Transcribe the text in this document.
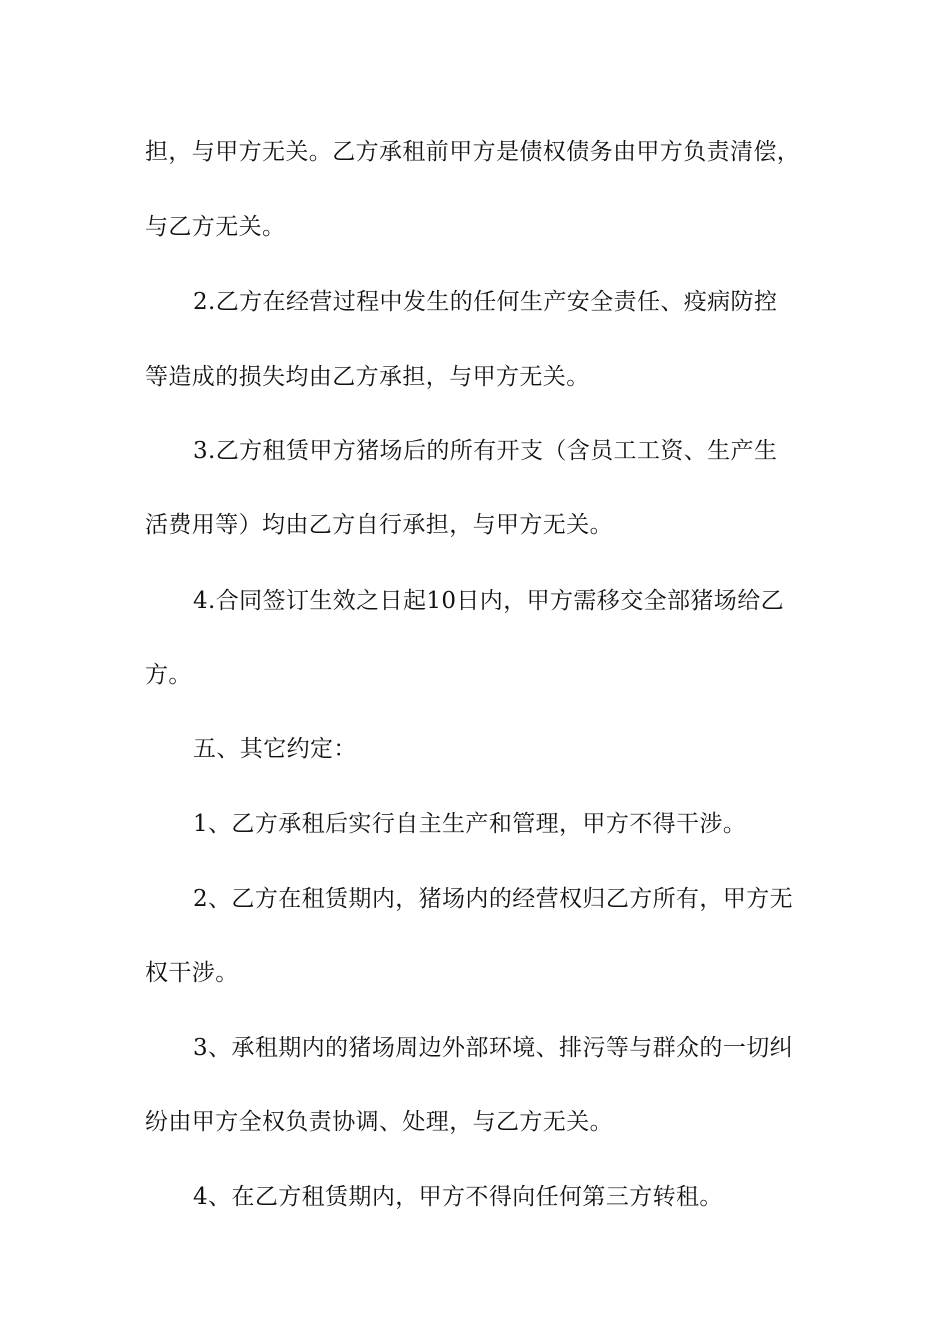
担，与甲方无关。乙方承租前甲方是债权债务由甲方负责清偿，
与乙方无关。
2.乙方在经营过程中发生的任何生产安全责任、疫病防控
等造成的损失均由乙方承担，与甲方无关。
3.乙方租赁甲方猪场后的所有开支（含员工工资、生产生
活费用等）均由乙方自行承担，与甲方无关。
4.合同签订生效之日起10日内，甲方需移交全部猪场给乙
方。
五、其它约定：
1、乙方承租后实行自主生产和管理，甲方不得干涉。
2、乙方在租赁期内，猪场内的经营权归乙方所有，甲方无
权干涉。
3、承租期内的猪场周边外部环境、排污等与群众的一切纠
纷由甲方全权负责协调、处理，与乙方无关。
4、在乙方租赁期内，甲方不得向任何第三方转租。
